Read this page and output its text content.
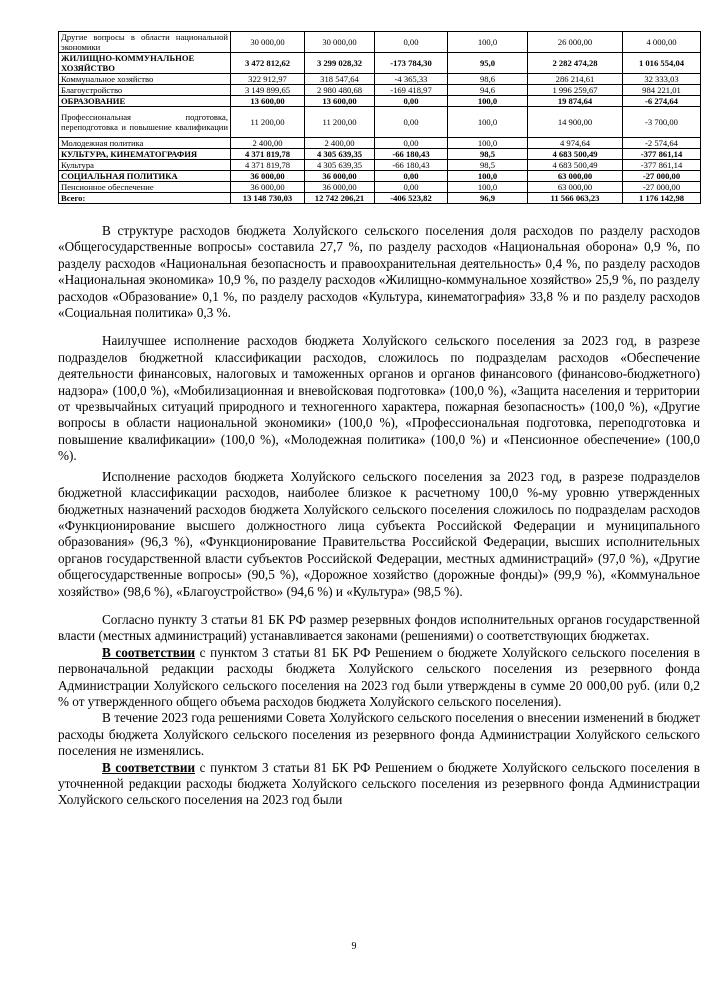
Другие вопросы в области национальной экономики	30 000,00	30 000,00	0,00	100,0	26 000,00	4 000,00
ЖИЛИЩНО-КОММУНАЛЬНОЕ ХОЗЯЙСТВО	3 472 812,62	3 299 028,32	-173 784,30	95,0	2 282 474,28	1 016 554,04
Коммунальное хозяйство	322 912,97	318 547,64	-4 365,33	98,6	286 214,61	32 333,03
Благоустройство	3 149 899,65	2 980 480,68	-169 418,97	94,6	1 996 259,67	984 221,01
ОБРАЗОВАНИЕ	13 600,00	13 600,00	0,00	100,0	19 874,64	-6 274,64

Профессиональная подготовка, переподготовка и повышение квалификации	11 200,00	11 200,00	0,00	100,0	14 900,00	-3 700,00
Молодежная политика	2 400,00	2 400,00	0,00	100,0	4 974,64	-2 574,64
КУЛЬТУРА, КИНЕМАТОГРАФИЯ	4 371 819,78	4 305 639,35	-66 180,43	98,5	4 683 500,49	-377 861,14
Культура	4 371 819,78	4 305 639,35	-66 180,43	98,5	4 683 500,49	-377 861,14
СОЦИАЛЬНАЯ ПОЛИТИКА	36 000,00	36 000,00	0,00	100,0	63 000,00	-27 000,00
Пенсионное обеспечение	36 000,00	36 000,00	0,00	100,0	63 000,00	-27 000,00
Всего:	13 148 730,03	12 742 206,21	-406 523,82	96,9	11 566 063,23	1 176 142,98

В структуре расходов бюджета Холуйского сельского поселения доля расходов по разделу расходов «Общегосударственные вопросы» составила 27,7 %, по разделу расходов «Национальная оборона» 0,9 %, по разделу расходов «Национальная безопасность и правоохранительная деятельность» 0,4 %, по разделу расходов «Национальная экономика» 10,9 %, по разделу расходов «Жилищно-коммунальное хозяйство» 25,9 %, по разделу расходов «Образование» 0,1 %, по разделу расходов «Культура, кинематография» 33,8 % и по разделу расходов «Социальная политика» 0,3 %.

Наилучшее исполнение расходов бюджета Холуйского сельского поселения за 2023 год, в разрезе подразделов бюджетной классификации расходов, сложилось по подразделам расходов «Обеспечение деятельности финансовых, налоговых и таможенных органов и органов финансового (финансово-бюджетного) надзора» (100,0 %), «Мобилизационная и вневойсковая подготовка» (100,0 %), «Защита населения и территории от чрезвычайных ситуаций природного и техногенного характера, пожарная безопасность» (100,0 %), «Другие вопросы в области национальной экономики» (100,0 %), «Профессиональная подготовка, переподготовка и повышение квалификации» (100,0 %), «Молодежная политика» (100,0 %) и «Пенсионное обеспечение» (100,0 %).

Исполнение расходов бюджета Холуйского сельского поселения за 2023 год, в разрезе подразделов бюджетной классификации расходов, наиболее близкое к расчетному 100,0 %-му уровню утвержденных бюджетных назначений расходов бюджета Холуйского сельского поселения сложилось по подразделам расходов «Функционирование высшего должностного лица субъекта Российской Федерации и муниципального образования» (96,3 %), «Функционирование Правительства Российской Федерации, высших исполнительных органов государственной власти субъектов Российской Федерации, местных администраций» (97,0 %), «Другие общегосударственные вопросы» (90,5 %), «Дорожное хозяйство (дорожные фонды)» (99,9 %), «Коммунальное хозяйство» (98,6 %), «Благоустройство» (94,6 %) и «Культура» (98,5 %).

Согласно пункту 3 статьи 81 БК РФ размер резервных фондов исполнительных органов государственной власти (местных администраций) устанавливается законами (решениями) о соответствующих бюджетах.

В соответствии с пунктом 3 статьи 81 БК РФ Решением о бюджете Холуйского сельского поселения в первоначальной редакции расходы бюджета Холуйского сельского поселения из резервного фонда Администрации Холуйского сельского поселения на 2023 год были утверждены в сумме 20 000,00 руб. (или 0,2 % от утвержденного общего объема расходов бюджета Холуйского сельского поселения).

В течение 2023 года решениями Совета Холуйского сельского поселения о внесении изменений в бюджет расходы бюджета Холуйского сельского поселения из резервного фонда Администрации Холуйского сельского поселения не изменялись.

В соответствии с пунктом 3 статьи 81 БК РФ Решением о бюджете Холуйского сельского поселения в уточненной редакции расходы бюджета Холуйского сельского поселения из резервного фонда Администрации Холуйского сельского поселения на 2023 год были

9
